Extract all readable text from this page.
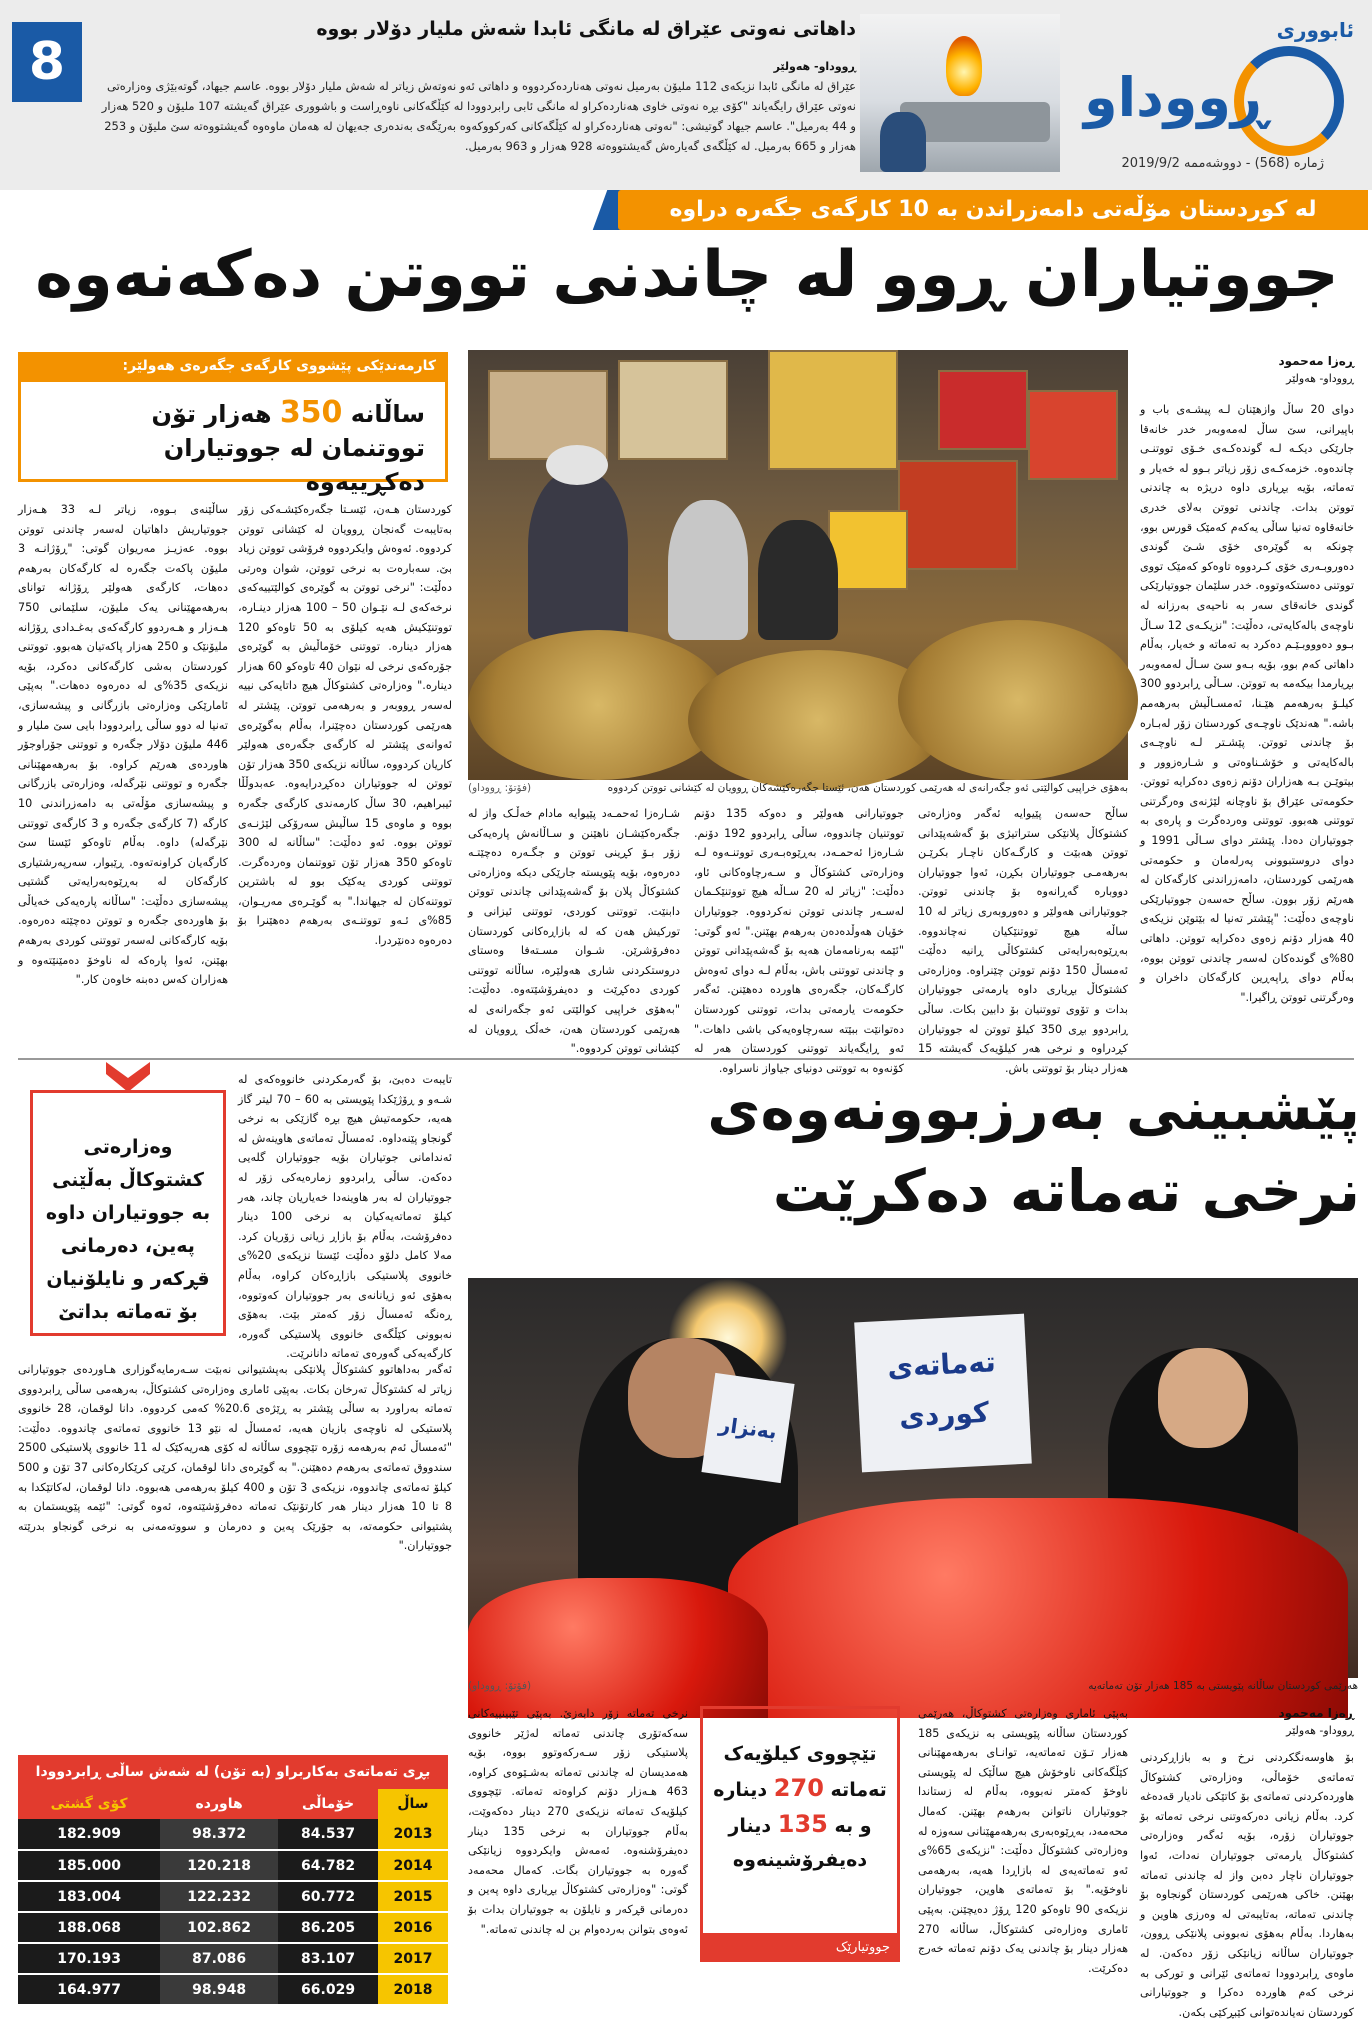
8
داهاتی نەوتی عێراق لە مانگی ئابدا شەش ملیار دۆلار بووە
ڕووداو- هەولێر
عێراق لە مانگی ئابدا نزیکەی 112 ملیۆن بەرمیل نەوتی هەناردەکردووە و داهاتی ئەو نەوتەش زیاتر لە شەش ملیار دۆلار بووە. عاسم جیهاد، گوتەبێژی وەزارەتی نەوتی عێراق رایگەیاند "کۆی بڕە نەوتی خاوی هەناردەکراو لە مانگی ئابی رابردوودا لە کێڵگەکانی ناوەڕاست و باشووری عێراق گەیشتە 107 ملیۆن و 520 هەزار و 44 بەرمیل". عاسم جیهاد گوتیشی: "نەوتی هەناردەکراو لە کێڵگەکانی کەرکووکەوە بەرێگەی بەندەری جەیهان لە هەمان ماوەوە گەیشتووەتە سێ ملیۆن و 253 هەزار و 665 بەرمیل. لە کێڵگەی گەیارەش گەیشتووەتە 928 هەزار و 963 بەرمیل.
ئابووری
ڕووداو
ژمارە (568) - دووشەممە 2019/9/2
لە کوردستان مۆڵەتی دامەزراندن بە 10 کارگەی جگەرە دراوە
جووتیاران ڕوو لە چاندنی تووتن دەکەنەوە
کارمەندێکی پێشووی کارگەی جگەرەی هەولێر:
ساڵانە 350 هەزار تۆن تووتنمان لە جووتیاران دەکڕییەوە
بەهۆی خراپیی کوالێتی ئەو جگەرانەی لە هەرێمی کوردستان هەن، ئێستا جگەرەکێشەکان ڕوویان لە کێشانی تووتن کردووە
(فۆتۆ: ڕووداو)
ڕەزا مەحمود
ڕووداو- هەولێر
دوای 20 ساڵ وازهێنان لـە پیشـەی باب و باپیرانی، سێ ساڵ لەمەوبەر خدر خانەقا جارێکی دیکـە لـە گوندەکـەی خـۆی تووتنـی چاندەوە. خزمەکـەی زۆر زیاتر بـوو لە خەیار و تەماتە، بۆیە بڕیاری داوە دریژە بە چاندنی تووتن بدات. چاندنی تووتن بەلای خدری خانەقاوە تەنیا ساڵی یەکەم کەمێک قورس بوو، چونکە بە گوێرەی خۆی شـێ گوندی دەوروبـەری خۆی کـردووە تاوەکو کەمێک تووی تووتنی دەستکەوتووە. خدر سلێمان جووتیارێکی گوندی خانەقای سەر بە ناحیەی بەرزانە لە ناوچەی بالەکایەتی، دەڵێت: "نزیکـەی 12 سـاڵ بـوو دەوووبـێـم دەکرد بە تەماتە و خەیار، بەڵام داهاتی کەم بوو، بۆیە بـەو سێ سـاڵ لەمەوبەر بڕیارمدا بیکەمە بە تووتن. سـاڵی ڕابردوو 300 کیلـۆ بەرهەمم هێـنا، ئەمسـاڵیش بەرهەمم باشە." هەندێک ناوچـەی کوردستان زۆر لەبـارە بۆ چاندنی تووتن. پێشـتر لـە ناوچـەی بالەکایەتی و خۆشـناوەتی و شـارەزوور و بیتوێـن بـە هەزاران دۆنم زەوی دەکرایە تووتن. حکومەتی عێراق بۆ ناوچانە لێژنەی وەرگرتنی تووتنی هەبوو. تووتنی وەردەگرت و پارەی بە جووتیاران دەدا. پێشتر دوای سـاڵی 1991 و دوای دروستبوونی پەرلەمان و حکومەتی هەرێمی کوردستان، دامەزراندنی کارگەکان لە هەرێم زۆر بوون. ساڵح حەسەن جووتیارێکی ناوچەی دەڵێت: "پێشتر تەنیا لە بێتوێن نزیکەی 40 هەزار دۆنم زەوی دەکرایە تووتن. داهاتی 80%ی گوندەکان لەسەر چاندنی تووتن بووە، بەڵام دوای ڕاپەڕین کارگەکان داخران و وەرگرتنی تووتن ڕاگیرا."
ساڵح حەسەن پێیوایە ئەگەر وەزارەتی کشتوکاڵ پلانێکی ستراتیژی بۆ گەشەپێدانی تووتن هەبێت و کارگـەکان ناچـار بکرێـن بەرهەمـی جووتیاران بکڕن، ئەوا جووتیاران دووبارە گەڕانەوە بۆ چاندنی تووتن. جووتیارانی هەولێر و دەوروبەری زیاتر لە 10 ساڵە هیچ تووتنێکیان نەچاندووە. بەڕێوەبەرایەتی کشتوکاڵی ڕانیە دەڵێت ئەمساڵ 150 دۆنم تووتن چێنراوە. وەزارەتی کشتوکاڵ بڕیاری داوە یارمەتی جووتیاران بدات و تۆوی تووتنیان بۆ دابین بکات. ساڵی ڕابردوو بڕی 350 کیلۆ تووتن لە جووتیاران کڕدراوە و نرخی هەر کیلۆیەک گەیشتە 15 هەزار دینار بۆ تووتنی باش.
جووتیارانی هەولێر و دەوکە 135 دۆنم تووتنیان چاندووە، ساڵی ڕابردوو 192 دۆنم. شـارەزا ئەحمـەد، بەڕێوەبـەری تووتنـەوە لـە وەزارەتی کشتوکاڵ و سـەرچاوەکانی ئاو، دەڵێت: "زیاتر لە 20 سـاڵە هیچ تووتنێکـمان لەسـەر چاندنی تووتن نەکردووە. جووتیاران خۆیان هەوڵدەدەن بەرهەم بهێنن." ئەو گوتی: "ئێمە بەرنامەمان هەیە بۆ گەشەپێدانی تووتن و چاندنی تووتنی باش، بەڵام لـە دوای ئەوەش کارگـەکان، جگەرەی هاوردە دەهێنن. ئەگەر حکومەت یارمەتی بدات، تووتنی کوردستان دەتوانێت ببێتە سەرچاوەیەکی باشی داهات." ئەو ڕایگەیاند تووتنی کوردستان هەر لە کۆنەوە بە تووتنی دونیای جیاواز ناسراوە.
شـارەزا ئەحمـەد پێیوایە مادام خەڵـک واز لە جگەرەکێشـان ناهێنن و سـاڵانەش پارەیەکی زۆر بـۆ کڕینی تووتن و جگـەرە دەچێتـە دەرەوە، بۆیە پێویستە جارێکی دیکە وەزارەتی کشتوکاڵ پلان بۆ گەشەپێدانی چاندنی تووتن دابنێت. تووتنی کوردی، تووتنی ئیزانی و تورکیش هەن کە لە بازاڕەکانی کوردستان دەفرۆشرێن. شـوان مسـتەفا وەستای دروستکردنی شاری هەولێرە، ساڵانە تووتنی کوردی دەکڕێت و دەیفرۆشێتەوە. دەڵێت: "بەهۆی خراپیی کوالێتی ئەو جگەرانەی لە هەرێمی کوردستان هەن، خەڵک ڕوویان لە کێشانی تووتن کردووە."
کوردستان هـەن، ئێسـتا جگەرەکێشـەکی زۆر بەتایبەت گەنجان ڕوویان لە کێشانی تووتن کردووە. ئەوەش وایکردووە فرۆشی تووتن زیاد بێ. سەبارەت بە نرخی تووتن، شوان وەرتی دەڵێت: "نرخی تووتن بە گوێرەی کوالێتییەکەی نرخەکەی لـە نێـوان 50 – 100 هەزار دینـارە، تووتنێکیش هەیە کیلۆی بە 50 تاوەکو 120 هەزار دینارە. تووتنی خۆماڵیش بە گوێرەی جۆرەکەی نرخی لە نێوان 40 تاوەکو 60 هەزار دینارە." وەزارەتی کشتوکاڵ هیچ داتایەکی نییە لەسەر ڕووبەر و بەرهەمی تووتن. پێشتر لە هەرێمی کوردستان دەچێنرا، بەڵام بەگوێرەی ئەوانەی پێشتر لە کارگەی جگەرەی هەولێر کاریان کردووە، ساڵانە نزیکەی 350 هەزار تۆن تووتن لە جووتیاران دەکڕدرایەوە. عەبدوڵڵا ئیبراهیم، 30 ساڵ کارمەندی کارگەی جگەرە بووە و ماوەی 15 ساڵیش سەرۆکی لێژنـەی تووتن بووە. ئەو دەڵێت: "ساڵانە لە 300 تاوەکو 350 هەزار تۆن تووتنمان وەردەگرت. تووتنی کوردی یەکێک بوو لە باشترین تووتنەکان لە جیهاندا." بە گوێـرەی مەریـوان، 85%ی ئـەو تووتنـەی بەرهەم دەهێنرا بۆ دەرەوە دەنێردرا.
ساڵێنەی بـووە، زیاتر لـە 33 هـەزار جووتیاریش داهاتیان لەسەر چاندنی تووتن بووە. عەزیـز مەریوان گوتی: "ڕۆژانـە 3 ملیۆن پاکەت جگەرە لە کارگەکان بەرهەم دەهات، کارگەی هەولێر ڕۆژانە توانای بەرهەمهێنانی یەک ملیۆن، سلێمانی 750 هـەزار و هـەردوو کارگەکەی بەغـدادی ڕۆژانە ملیۆنێک و 250 هەزار پاکەتیان هەبوو. تووتنی کوردستان بەشی کارگەکانی دەکرد، بۆیە نزیکەی 35%ی لە دەرەوە دەهات." بەپێی ئامارێکی وەزارەتی بازرگانی و پیشەسازی، تەنیا لە دوو ساڵی ڕابردوودا بایی سێ ملیار و 446 ملیۆن دۆلار جگەرە و تووتنی جۆراوجۆر هاوردەی هەرێم کراوە. بۆ بەرهەمهێنانی جگەرە و تووتنی نێرگەلە، وەزارەتی بازرگانی و پیشەسازی مۆڵەتی بە دامەزراندنی 10 کارگە (7 کارگەی جگەرە و 3 کارگەی تووتنی نێرگەلە) داوە. بەڵام تاوەکو ئێستا سێ کارگەیان کراونەتەوە. ڕێبوار، سەرپەرشتیاری کارگەکان لە بەڕێوەبەرایەتی گشتیی پیشەسازی دەڵێت: "ساڵانە پارەیەکی خەیاڵی بۆ هاوردەی جگەرە و تووتن دەچێتە دەرەوە. بۆیە کارگەکانی لەسەر تووتنی کوردی بەرهەم بهێنن، ئەوا پارەکە لە ناوخۆ دەمێنێتەوە و هەزاران کەس دەبنە خاوەن کار."
وەزارەتی کشتوکاڵ بەڵێنی بە جووتیاران داوە پەین، دەرمانی قڕکەر و نایلۆنیان بۆ تەماتە بداتێ
پێشبینی بەرزبوونەوەی
نرخی تەماتە دەکرێت
تایبەت دەبێ، بۆ گەرمکردنی خانووەکەی لە شـەو و ڕۆژێکدا پێویستی بە 60 – 70 لیتر گاز هەیە، حکومەتیش هیچ بڕە گازێکی بە نرخی گونجاو پێنەداوە. ئەمساڵ تەماتەی هاوینەش لە ئەندامانی جوتیاران بۆیە جووتیاران گلەیی دەکەن. ساڵی ڕابردوو زمارەیەکی زۆر لە جووتیاران لە بەر هاوینەدا خەیاریان چاند، هەر کیلۆ تەماتەیەکیان بە نرخی 100 دینار دەفرۆشت، بەڵام بۆ بازاڕ زیانی زۆریان کرد. مەلا کامل دلۆو دەڵێت ئێستا نزیکەی 20%ی خانووی پلاستیکی بازاڕەکان کراوە، بەڵام بەهۆی ئەو زیانانەی بەر جووتیاران کەوتووە، ڕەنگە ئەمساڵ زۆر کەمتر بێت. بەهۆی نەبوونی کێڵگەی خانووی پلاستیکی گەورە، کارگەیەکی گەورەی تەماتە دانانرێت.	تەماتەی کوردی
بەنزار
هەرێمی کوردستان ساڵانە پێویستی بە 185 هەزار تۆن تەماتەیە
(فۆتۆ: ڕووداو)
ڕەزا مەحمود
ڕووداو- هەولێر
بۆ هاوسەنگکردنی نرخ و بە بازاڕکردنی تەماتەی خۆماڵی، وەزارەتی کشتوکاڵ هاوردەکردنی تەماتەی بۆ کاتێکی نادیار قەدەغە کرد. بەڵام زیانی دەرکەوتنی نرخی تەماتە بۆ جووتیاران زۆرە، بۆیە ئەگەر وەزارەتی کشتوکاڵ یارمەتی جووتیاران نەدات، ئەوا جووتیاران ناچار دەبن واز لە چاندنی تەماتە بهێنن. خاکی هەرێمی کوردستان گونجاوە بۆ چاندنی تەماتە، بەتایبەتی لە وەرزی هاوین و بەهاردا. بەڵام بەهۆی نەبوونی پلانێکی ڕوون، جووتیاران ساڵانە زیانێکی زۆر دەکەن. لە ماوەی ڕابردوودا تەماتەی ئێرانی و تورکی بە نرخی کەم هاوردە دەکرا و جووتیارانی کوردستان نەیاندەتوانی کێبڕکێی بکەن.
بەپێی ئاماری وەزارەتی کشتوکاڵ، هەرێمی کوردستان ساڵانە پێویستی بە نزیکەی 185 هەزار تـۆن تەماتەیە، توانـای بەرهەمهێنانی کێڵگەکانی ناوخۆش هیچ ساڵێک لە پێویستی ناوخۆ کەمتر نەبووە، بەڵام لە زستاندا جووتیاران ناتوانن بەرهەم بهێنن. کەمال محەمەد، بەڕێوەبەری بەرهەمهێنانی سەوزە لە وەزارەتی کشتوکاڵ دەڵێت: "نزیکەی 65%ی ئەو تەماتەیەی لە بازاڕدا هەیە، بەرهەمی ناوخۆیە." بۆ تەماتەی هاوین، جووتیاران نزیکەی 90 تاوەکو 120 ڕۆژ دەیچێنن. بەپێی ئاماری وەزارەتی کشتوکاڵ، ساڵانە 270 هەزار دینار بۆ چاندنی یەک دۆنم تەماتە خەرج دەکرێت.
تێچووی کیلۆیەک تەماتە 270 دینارە و بە 135 دینار دەیفرۆشینەوە
جووتیارێک
نرخی تەماتە زۆر دابەزێ. بەپێی تێبینییەکانی سەکەتۆری چاندنی تەماتە لەژێر خانووی پلاستیکی زۆر سـەرکەوتوو بووە، بۆیە هەمدیسان لە چاندنی تەماتە بەشـێوەی کراوە، 463 هـەزار دۆنم کراوەتە تەماتە. تێچووی کیلۆیەک تەماتە نزیکەی 270 دینار دەکەوێت، بەڵام جووتیاران بە نرخی 135 دینار دەیفرۆشنەوە. ئەمەش وایکردووە زیانێکی گەورە بە جووتیاران بگات. کەمال محەمەد گوتی: "وەزارەتی کشتوکاڵ بڕیاری داوە پەین و دەرمانی قڕکەر و نایلۆن بە جووتیاران بدات بۆ ئەوەی بتوانن بەردەوام بن لە چاندنی تەماتە."
ئەگەر بەداهاتوو کشتوکاڵ پلانێکی بەپشتیوانی نەبێت سـەرمایەگوزاری هـاوردەی جووتیارانی زیاتر لە کشتوکاڵ تەرخان بکات. بەپێی ئاماری وەزارەتی کشتوکاڵ، بەرهەمی ساڵی ڕابردووی تەماتە بەراورد بە ساڵی پێشتر بە ڕێژەی 20.6% کەمی کردووە. دانا لوقمان، 28 خانووی پلاستیکی لە ناوچەی بازیان هەیە، ئەمساڵ لە نێو 13 خانووی تەماتەی چاندووە. دەڵێت: "ئەمساڵ ئەم بەرهەمە زۆرە تێچووی ساڵانە لە کۆی هەریەکێک لە 11 خانووی پلاستیکی 2500 سندووق تەماتەی بەرهەم دەهێنن." بە گوێرەی دانا لوقمان، کرێی کرێکارەکانی 37 تۆن و 500 کیلۆ تەماتەی چاندووە، نزیکەی 3 تۆن و 400 کیلۆ بەرهەمی هەبووە. دانا لوقمان، لەکاتێکدا بە 8 تا 10 هەزار دینار هەر کارتۆنێک تەماتە دەفرۆشێتەوە، ئەوە گوتی: "ئێمە پێویستمان بە پشتیوانی حکومەتە، بە جۆرێک پەین و دەرمان و سووتەمەنی بە نرخی گونجاو بدرێتە جووتیاران."
بڕی تەماتەی بەکاربراو (بە تۆن) لە شەش ساڵی ڕابردوودا
ساڵ	خۆماڵی	هاوردە	کۆی گشتی
2013	84.537	98.372	182.909
2014	64.782	120.218	185.000
2015	60.772	122.232	183.004
2016	86.205	102.862	188.068
2017	83.107	87.086	170.193
2018	66.029	98.948	164.977
